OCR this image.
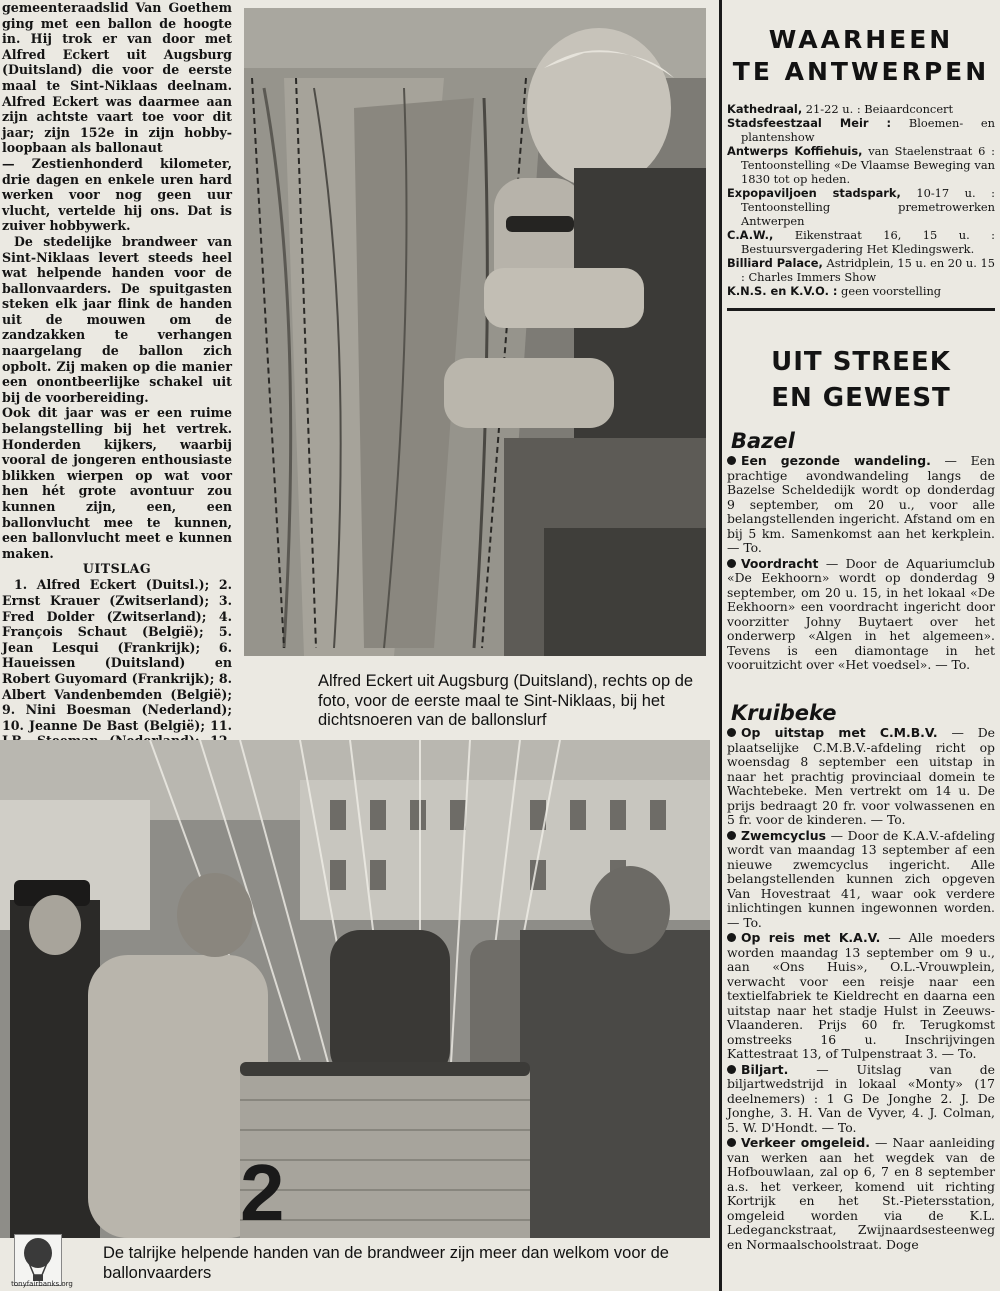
gemeenteraadslid Van Goethem ging met een ballon de hoogte in. Hij trok er van door met Alfred Eckert uit Augsburg (Duitsland) die voor de eerste maal te Sint-Niklaas deelnam. Alfred Eckert was daarmee aan zijn achtste vaart toe voor dit jaar; zijn 152e in zijn hobby-loopbaan als ballonaut

— Zestienhonderd kilometer, drie dagen en enkele uren hard werken voor nog geen uur vlucht, vertelde hij ons. Dat is zuiver hobbywerk.

De stedelijke brandweer van Sint-Niklaas levert steeds heel wat helpende handen voor de ballonvaarders. De spuitgasten steken elk jaar flink de handen uit de mouwen om de zandzakken te verhangen naargelang de ballon zich opbolt. Zij maken op die manier een onontbeerlijke schakel uit bij de voorbereiding.

Ook dit jaar was er een ruime belangstelling bij het vertrek. Honderden kijkers, waarbij vooral de jongeren enthousiaste blikken wierpen op wat voor hen hét grote avontuur zou kunnen zijn, een, een ballonvlucht mee te kunnen, een ballonvlucht meet e kunnen maken.

UITSLAG

1. Alfred Eckert (Duitsl.); 2. Ernst Krauer (Zwitserland); 3. Fred Dolder (Zwitserland); 4. François Schaut (België); 5. Jean Lesqui (Frankrijk); 6. Haueissen (Duitsland) en Robert Guyomard (Frankrijk); 8. Albert Vandenbemden (België); 9. Nini Boesman (Nederland); 10. Jeanne De Bast (België); 11.

Alfred Eckert uit Augsburg (Duitsland), rechts op de foto, voor de eerste maal te Sint-Niklaas, bij het dichtsnoeren van de ballonslurf
2
De talrijke helpende handen van de brandweer zijn meer dan welkom voor de ballonvaarders
tonyfairbanks.org
WAARHEEN
TE ANTWERPEN
Kathedraal, 21-22 u. : Beiaardconcert
Stadsfeestzaal Meir : Bloemen- en plantenshow
Antwerps Koffiehuis, van Staelenstraat 6 : Tentoonstelling «De Vlaamse Beweging van 1830 tot op heden.
Expopaviljoen stadspark, 10-17 u. : Tentoonstelling premetrowerken Antwerpen
C.A.W., Eikenstraat 16, 15 u. : Bestuursvergadering Het Kledingswerk.
Billiard Palace, Astridplein, 15 u. en 20 u. 15 : Charles Immers Show
K.N.S. en K.V.O. : geen voorstelling
UIT STREEK
EN GEWEST
Bazel
Een gezonde wandeling. — Een prachtige avondwandeling langs de Bazelse Scheldedijk wordt op donderdag 9 september, om 20 u., voor alle belangstellenden ingericht. Afstand om en bij 5 km. Samenkomst aan het kerkplein. — To.
Voordracht — Door de Aquariumclub «De Eekhoorn» wordt op donderdag 9 september, om 20 u. 15, in het lokaal «De Eekhoorn» een voordracht ingericht door voorzitter Johny Buytaert over het onderwerp «Algen in het algemeen». Tevens is een diamontage in het vooruitzicht over «Het voedsel». — To.
Kruibeke
Op uitstap met C.M.B.V. — De plaatselijke C.M.B.V.-afdeling richt op woensdag 8 september een uitstap in naar het prachtig provinciaal domein te Wachtebeke. Men vertrekt om 14 u. De prijs bedraagt 20 fr. voor volwassenen en 5 fr. voor de kinderen. — To.
Zwemcyclus — Door de K.A.V.-afdeling wordt van maandag 13 september af een nieuwe zwemcyclus ingericht. Alle belangstellenden kunnen zich opgeven Van Hovestraat 41, waar ook verdere inlichtingen kunnen ingewonnen worden. — To.
Op reis met K.A.V. — Alle moeders worden maandag 13 september om 9 u., aan «Ons Huis», O.L.-Vrouwplein, verwacht voor een reisje naar een textielfabriek te Kieldrecht en daarna een uitstap naar het stadje Hulst in Zeeuws-Vlaanderen. Prijs 60 fr. Terugkomst omstreeks 16 u. Inschrijvingen Kattestraat 13, of Tulpenstraat 3. — To.
Biljart. — Uitslag van de biljartwedstrijd in lokaal «Monty» (17 deelnemers) : 1 G De Jonghe 2. J. De Jonghe, 3. H. Van de Vyver, 4. J. Colman, 5. W. D'Hondt. — To.
Verkeer omgeleid. — Naar aanleiding van werken aan het wegdek van de Hofbouwlaan, zal op 6, 7 en 8 september a.s. het verkeer, komend uit richting Kortrijk en het St.-Pietersstation, omgeleid worden via de K.L. Ledeganckstraat, Zwijnaardsesteenweg en Normaalschoolstraat. Doge
